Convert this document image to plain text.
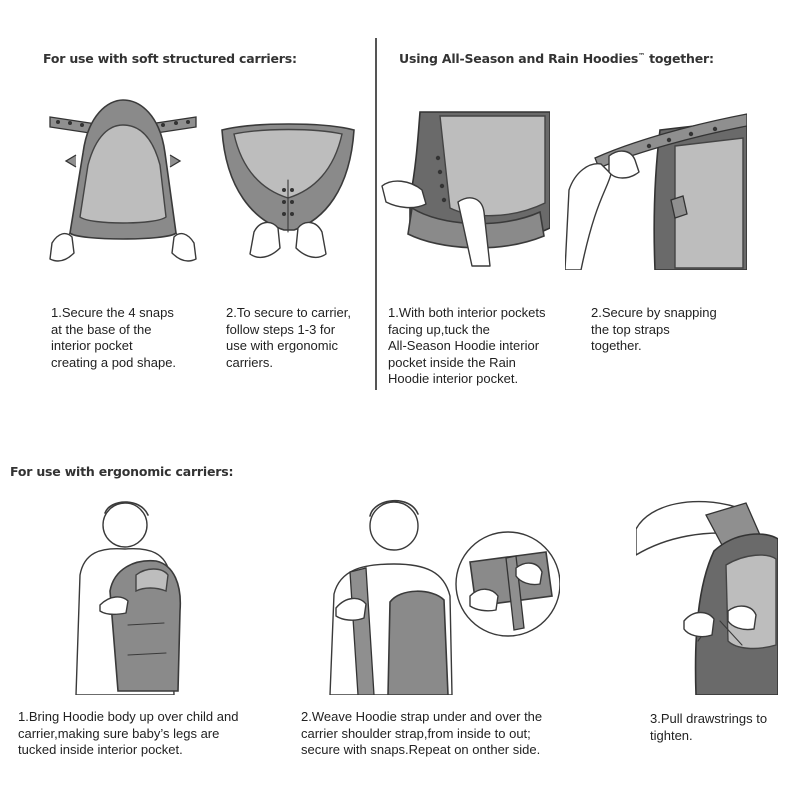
For use with soft structured carriers:	Using All-Season and Rain Hoodies™ together:
For use with ergonomic carriers:
1.Secure the 4 snaps
at the base of the
interior pocket
creating a pod shape.
2.To secure to carrier,
follow steps 1-3 for
use with ergonomic
carriers.
1.With both interior pockets
facing up,tuck the
All-Season Hoodie interior
pocket inside the Rain
Hoodie interior pocket.
2.Secure by snapping
the top straps
together.
1.Bring Hoodie body up over child and
carrier,making sure baby’s legs are
tucked inside interior pocket.
2.Weave Hoodie strap under and over the
carrier shoulder strap,from inside to out;
secure with snaps.Repeat on onther side.
3.Pull drawstrings to
tighten.
